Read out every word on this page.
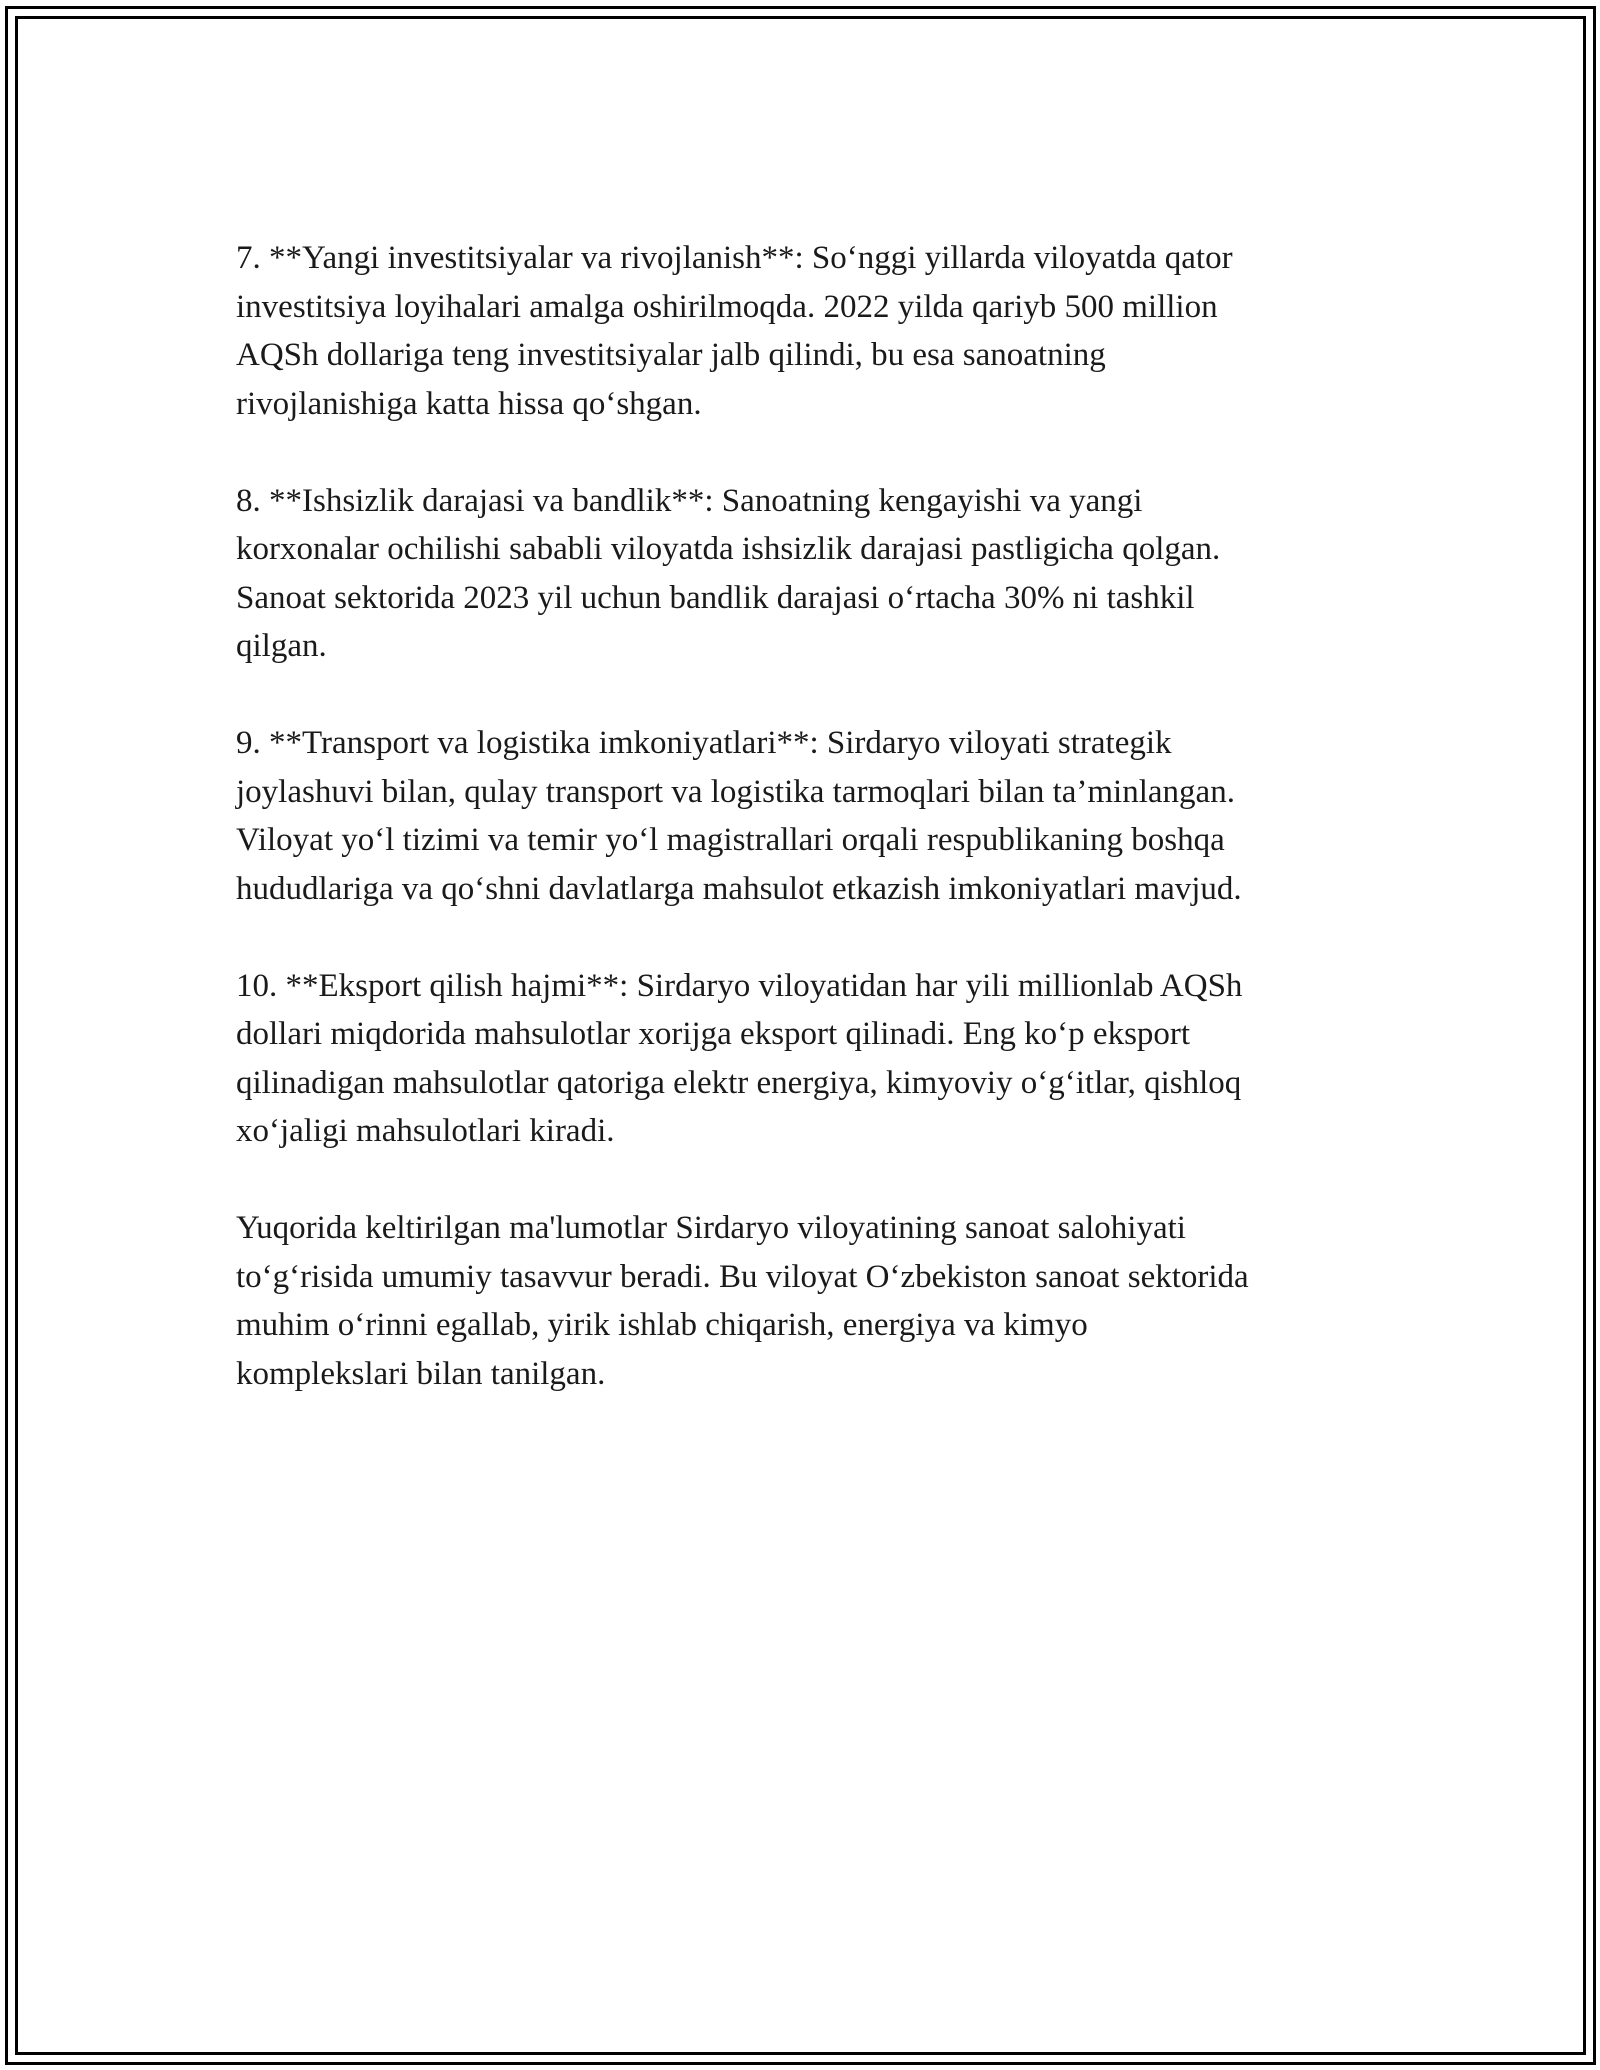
7. **Yangi investitsiyalar va rivojlanish**: So‘nggi yillarda viloyatda qator
investitsiya loyihalari amalga oshirilmoqda. 2022 yilda qariyb 500 million
AQSh dollariga teng investitsiyalar jalb qilindi, bu esa sanoatning
rivojlanishiga katta hissa qo‘shgan.

8. **Ishsizlik darajasi va bandlik**: Sanoatning kengayishi va yangi
korxonalar ochilishi sababli viloyatda ishsizlik darajasi pastligicha qolgan.
Sanoat sektorida 2023 yil uchun bandlik darajasi o‘rtacha 30% ni tashkil
qilgan.

9. **Transport va logistika imkoniyatlari**: Sirdaryo viloyati strategik
joylashuvi bilan, qulay transport va logistika tarmoqlari bilan ta’minlangan.
Viloyat yo‘l tizimi va temir yo‘l magistrallari orqali respublikaning boshqa
hududlariga va qo‘shni davlatlarga mahsulot etkazish imkoniyatlari mavjud.

10. **Eksport qilish hajmi**: Sirdaryo viloyatidan har yili millionlab AQSh
dollari miqdorida mahsulotlar xorijga eksport qilinadi. Eng ko‘p eksport
qilinadigan mahsulotlar qatoriga elektr energiya, kimyoviy o‘g‘itlar, qishloq
xo‘jaligi mahsulotlari kiradi.

Yuqorida keltirilgan ma'lumotlar Sirdaryo viloyatining sanoat salohiyati
to‘g‘risida umumiy tasavvur beradi. Bu viloyat O‘zbekiston sanoat sektorida
muhim o‘rinni egallab, yirik ishlab chiqarish, energiya va kimyo
komplekslari bilan tanilgan.
